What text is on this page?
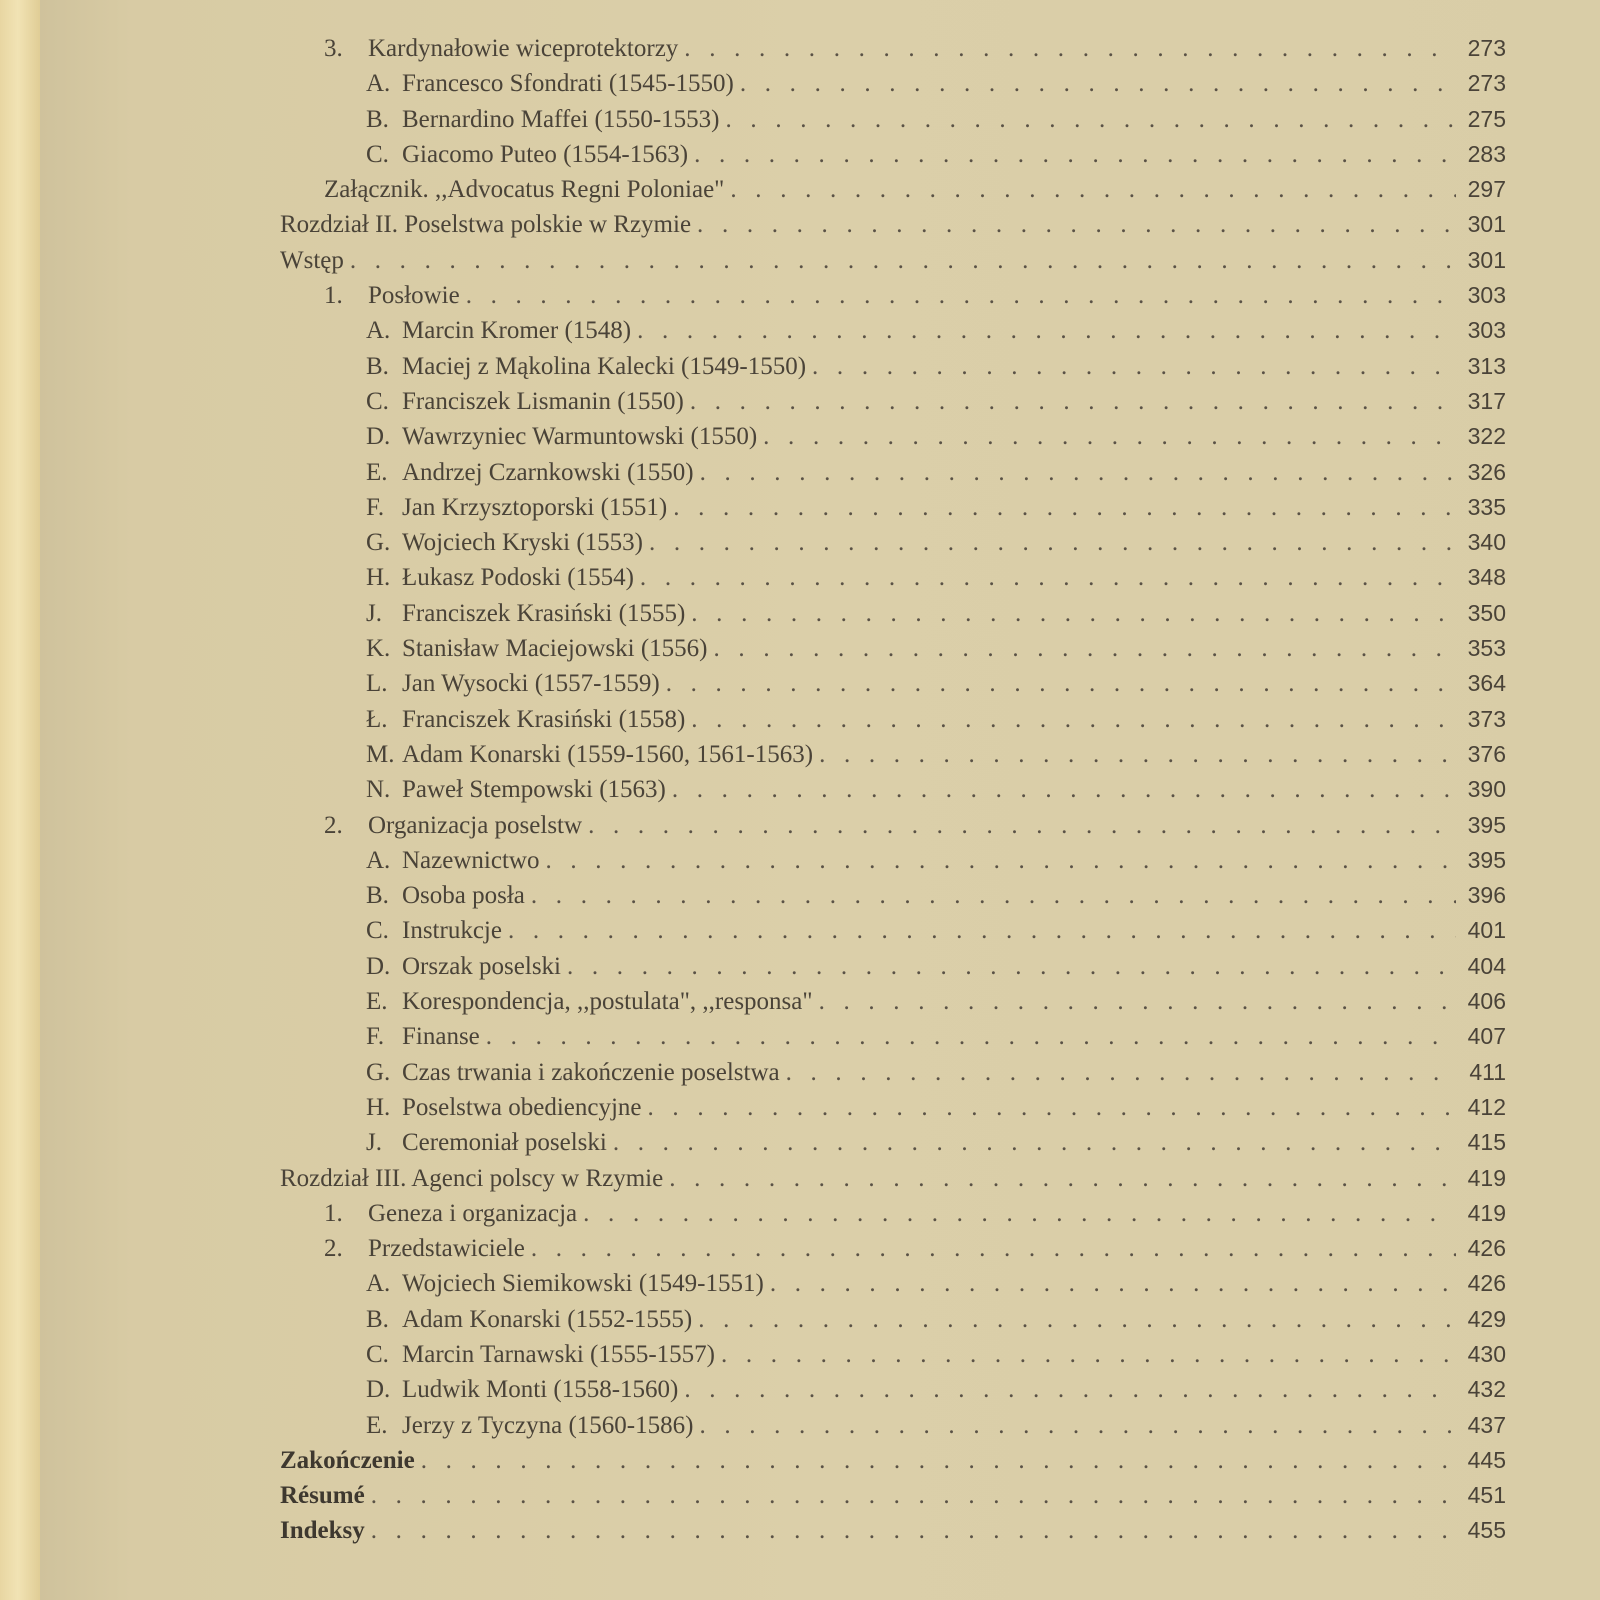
3. Kardynałowie wiceprotektorzy . . .	273
A. Francesco Sfondrati (1545-1550) . . .	273
B. Bernardino Maffei (1550-1553) . . .	275
C. Giacomo Puteo (1554-1563) . . .	283
Załącznik. ,,Advocatus Regni Poloniae" . . .	297
Rozdział II. Poselstwa polskie w Rzymie . . .	301
Wstęp . . .	301
1. Posłowie . . .	303
A. Marcin Kromer (1548) . . .	303
B. Maciej z Mąkolina Kalecki (1549-1550) . . .	313
C. Franciszek Lismanin (1550) . . .	317
D. Wawrzyniec Warmuntowski (1550) . . .	322
E. Andrzej Czarnkowski (1550) . . .	326
F. Jan Krzysztoporski (1551) . . .	335
G. Wojciech Kryski (1553) . . .	340
H. Łukasz Podoski (1554) . . .	348
J. Franciszek Krasiński (1555) . . .	350
K. Stanisław Maciejowski (1556) . . .	353
L. Jan Wysocki (1557-1559) . . .	364
Ł. Franciszek Krasiński (1558) . . .	373
M. Adam Konarski (1559-1560, 1561-1563) . . .	376
N. Paweł Stempowski (1563) . . .	390
2. Organizacja poselstw . . .	395
A. Nazewnictwo . . .	395
B. Osoba posła . . .	396
C. Instrukcje . . .	401
D. Orszak poselski . . .	404
E. Korespondencja, ,,postulata", ,,responsa" . . .	406
F. Finanse . . .	407
G. Czas trwania i zakończenie poselstwa . . .	411
H. Poselstwa obediencyjne . . .	412
J. Ceremoniał poselski . . .	415
Rozdział III. Agenci polscy w Rzymie . . .	419
1. Geneza i organizacja . . .	419
2. Przedstawiciele . . .	426
A. Wojciech Siemikowski (1549-1551) . . .	426
B. Adam Konarski (1552-1555) . . .	429
C. Marcin Tarnawski (1555-1557) . . .	430
D. Ludwik Monti (1558-1560) . . .	432
E. Jerzy z Tyczyna (1560-1586) . . .	437
Zakończenie . . .	445
Résumé . . .	451
Indeksy . . .	455
